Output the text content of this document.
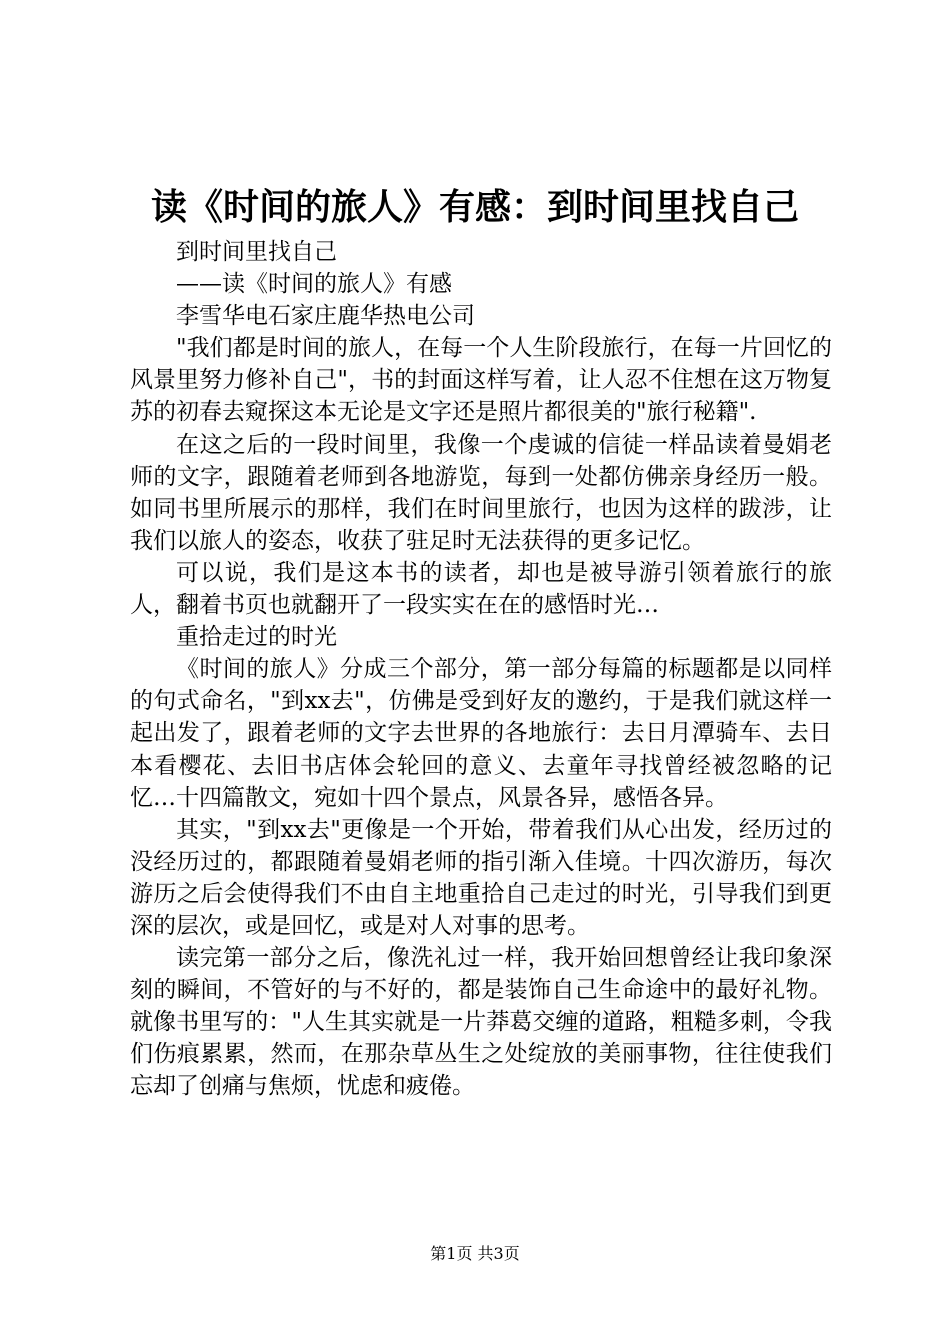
读《时间的旅人》有感：到时间里找自己

到时间里找自己

——读《时间的旅人》有感

李雪华电石家庄鹿华热电公司

"我们都是时间的旅人，在每一个人生阶段旅行，在每一片回忆的风景里努力修补自己"，书的封面这样写着，让人忍不住想在这万物复苏的初春去窥探这本无论是文字还是照片都很美的"旅行秘籍".

在这之后的一段时间里，我像一个虔诚的信徒一样品读着曼娟老师的文字，跟随着老师到各地游览，每到一处都仿佛亲身经历一般。如同书里所展示的那样，我们在时间里旅行，也因为这样的跋涉，让我们以旅人的姿态，收获了驻足时无法获得的更多记忆。

可以说，我们是这本书的读者，却也是被导游引领着旅行的旅人，翻着书页也就翻开了一段实实在在的感悟时光…

重拾走过的时光

《时间的旅人》分成三个部分，第一部分每篇的标题都是以同样的句式命名，"到xx去"，仿佛是受到好友的邀约，于是我们就这样一起出发了，跟着老师的文字去世界的各地旅行：去日月潭骑车、去日本看樱花、去旧书店体会轮回的意义、去童年寻找曾经被忽略的记忆…十四篇散文，宛如十四个景点，风景各异，感悟各异。

其实，"到xx去"更像是一个开始，带着我们从心出发，经历过的没经历过的，都跟随着曼娟老师的指引渐入佳境。十四次游历，每次游历之后会使得我们不由自主地重拾自己走过的时光，引导我们到更深的层次，或是回忆，或是对人对事的思考。

读完第一部分之后，像洗礼过一样，我开始回想曾经让我印象深刻的瞬间，不管好的与不好的，都是装饰自己生命途中的最好礼物。就像书里写的："人生其实就是一片莽葛交缠的道路，粗糙多刺，令我们伤痕累累，然而，在那杂草丛生之处绽放的美丽事物，往往使我们忘却了创痛与焦烦，忧虑和疲倦。

第1页 共3页
